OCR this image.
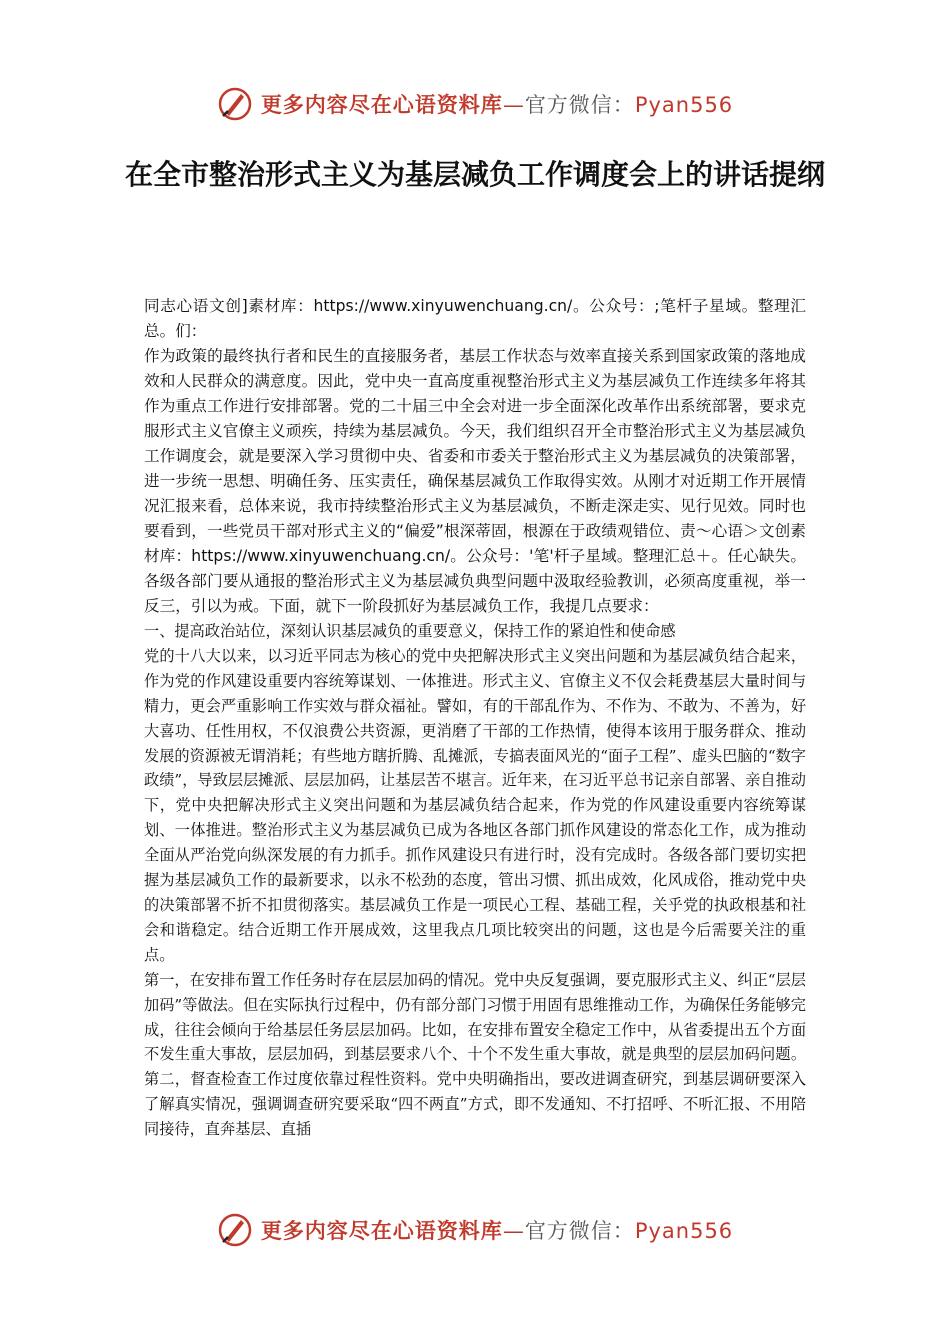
更多内容尽在心语资料库—官方微信：Pyan556
在全市整治形式主义为基层减负工作调度会上的讲话提纲

同志心语文创]素材库：https://www.xinyuwenchuang.cn/。公众号：;笔杆子星域。整理汇总。们：

作为政策的最终执行者和民生的直接服务者，基层工作状态与效率直接关系到国家政策的落地成效和人民群众的满意度。因此，党中央一直高度重视整治形式主义为基层减负工作连续多年将其作为重点工作进行安排部署。党的二十届三中全会对进一步全面深化改革作出系统部署，要求克服形式主义官僚主义顽疾，持续为基层减负。今天，我们组织召开全市整治形式主义为基层减负工作调度会，就是要深入学习贯彻中央、省委和市委关于整治形式主义为基层减负的决策部署，进一步统一思想、明确任务、压实责任，确保基层减负工作取得实效。从刚才对近期工作开展情况汇报来看，总体来说，我市持续整治形式主义为基层减负，不断走深走实、见行见效。同时也要看到，一些党员干部对形式主义的“偏爱”根深蒂固，根源在于政绩观错位、责～心语＞文创素材库：https://www.xinyuwenchuang.cn/。公众号：'笔'杆子星域。整理汇总＋。任心缺失。各级各部门要从通报的整治形式主义为基层减负典型问题中汲取经验教训，必须高度重视，举一反三，引以为戒。下面，就下一阶段抓好为基层减负工作，我提几点要求：

一、提高政治站位，深刻认识基层减负的重要意义，保持工作的紧迫性和使命感

党的十八大以来，以习近平同志为核心的党中央把解决形式主义突出问题和为基层减负结合起来，作为党的作风建设重要内容统筹谋划、一体推进。形式主义、官僚主义不仅会耗费基层大量时间与精力，更会严重影响工作实效与群众福祉。譬如，有的干部乱作为、不作为、不敢为、不善为，好大喜功、任性用权，不仅浪费公共资源，更消磨了干部的工作热情，使得本该用于服务群众、推动发展的资源被无谓消耗；有些地方瞎折腾、乱摊派，专搞表面风光的“面子工程”、虚头巴脑的“数字政绩”，导致层层摊派、层层加码，让基层苦不堪言。近年来，在习近平总书记亲自部署、亲自推动下，党中央把解决形式主义突出问题和为基层减负结合起来，作为党的作风建设重要内容统筹谋划、一体推进。整治形式主义为基层减负已成为各地区各部门抓作风建设的常态化工作，成为推动全面从严治党向纵深发展的有力抓手。抓作风建设只有进行时，没有完成时。各级各部门要切实把握为基层减负工作的最新要求，以永不松劲的态度，管出习惯、抓出成效，化风成俗，推动党中央的决策部署不折不扣贯彻落实。基层减负工作是一项民心工程、基础工程，关乎党的执政根基和社会和谐稳定。结合近期工作开展成效，这里我点几项比较突出的问题，这也是今后需要关注的重点。

第一，在安排布置工作任务时存在层层加码的情况。党中央反复强调，要克服形式主义、纠正“层层加码”等做法。但在实际执行过程中，仍有部分部门习惯于用固有思维推动工作，为确保任务能够完成，往往会倾向于给基层任务层层加码。比如，在安排布置安全稳定工作中，从省委提出五个方面不发生重大事故，层层加码，到基层要求八个、十个不发生重大事故，就是典型的层层加码问题。第二，督查检查工作过度依靠过程性资料。党中央明确指出，要改进调查研究，到基层调研要深入了解真实情况，强调调查研究要采取“四不两直”方式，即不发通知、不打招呼、不听汇报、不用陪同接待，直奔基层、直插

更多内容尽在心语资料库—官方微信：Pyan556
